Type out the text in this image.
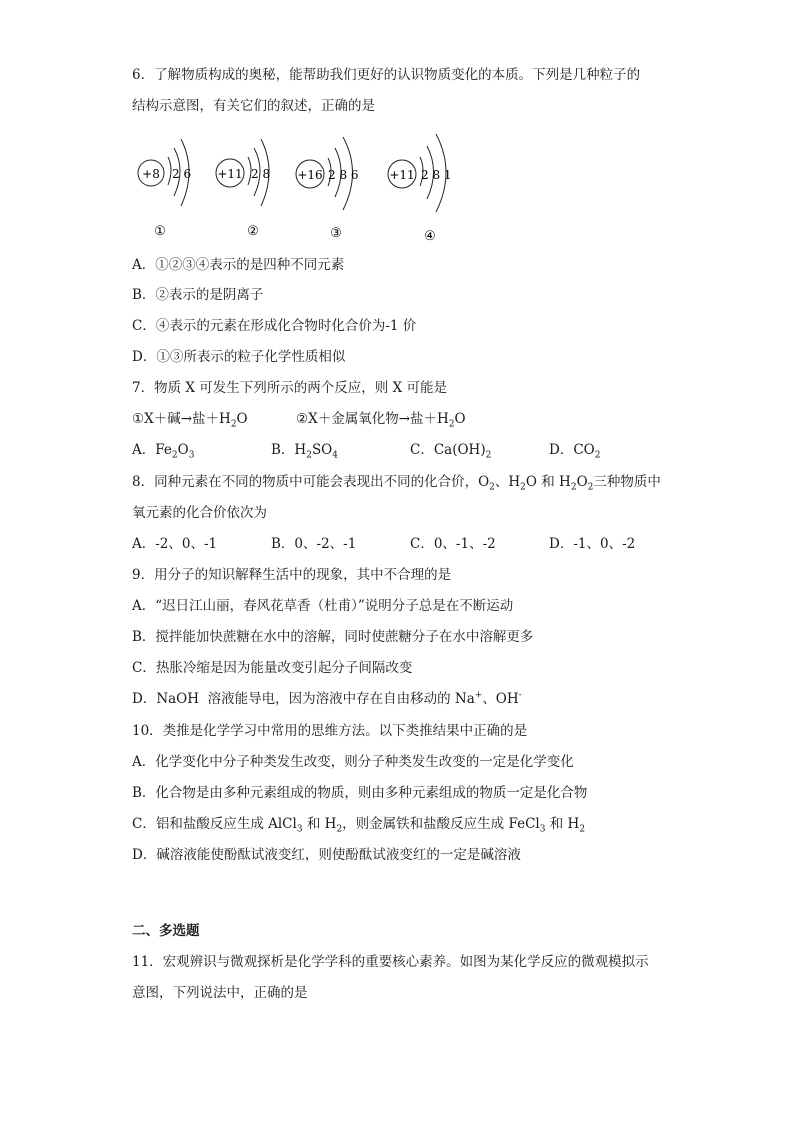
6．了解物质构成的奥秘，能帮助我们更好的认识物质变化的本质。下列是几种粒子的
结构示意图，有关它们的叙述，正确的是
+8 2 6
①
+11 2 8
②
+16 2 8 6
③
+11 2 8 1
④
A．①②③④表示的是四种不同元素
B．②表示的是阴离子
C．④表示的元素在形成化合物时化合价为-1 价
D．①③所表示的粒子化学性质相似
7．物质 X 可发生下列所示的两个反应，则 X 可能是
①X＋碱→盐$+H_2O$	②X＋金属氧化物→盐$+H_2O$
A．$Fe_2O_3$	B．$H_2SO_4$	C．$Ca(OH)_2$	D．$CO_2$
8．同种元素在不同的物质中可能会表现出不同的化合价，$O_2$、$H_2O$ 和 $H_2O_2$三种物质中
氧元素的化合价依次为
A．-2、0、-1	B．0、-2、-1	C．0、-1、-2	D．-1、0、-2
9．用分子的知识解释生活中的现象，其中不合理的是
A．“迟日江山丽，春风花草香（杜甫）”说明分子总是在不断运动
B．搅拌能加快蔗糖在水中的溶解，同时使蔗糖分子在水中溶解更多
C．热胀冷缩是因为能量改变引起分子间隔改变
D．NaOH  溶液能导电，因为溶液中存在自由移动的 Na+、OH-
10．类推是化学学习中常用的思维方法。以下类推结果中正确的是
A．化学变化中分子种类发生改变，则分子种类发生改变的一定是化学变化
B．化合物是由多种元素组成的物质，则由多种元素组成的物质一定是化合物
C．铝和盐酸反应生成 AlCl$_3$ 和 $H_2$，则金属铁和盐酸反应生成 FeCl$_3$ 和 $H_2$
D．碱溶液能使酚酞试液变红，则使酚酞试液变红的一定是碱溶液
二、多选题
11．宏观辨识与微观探析是化学学科的重要核心素养。如图为某化学反应的微观模拟示
意图，下列说法中，正确的是
